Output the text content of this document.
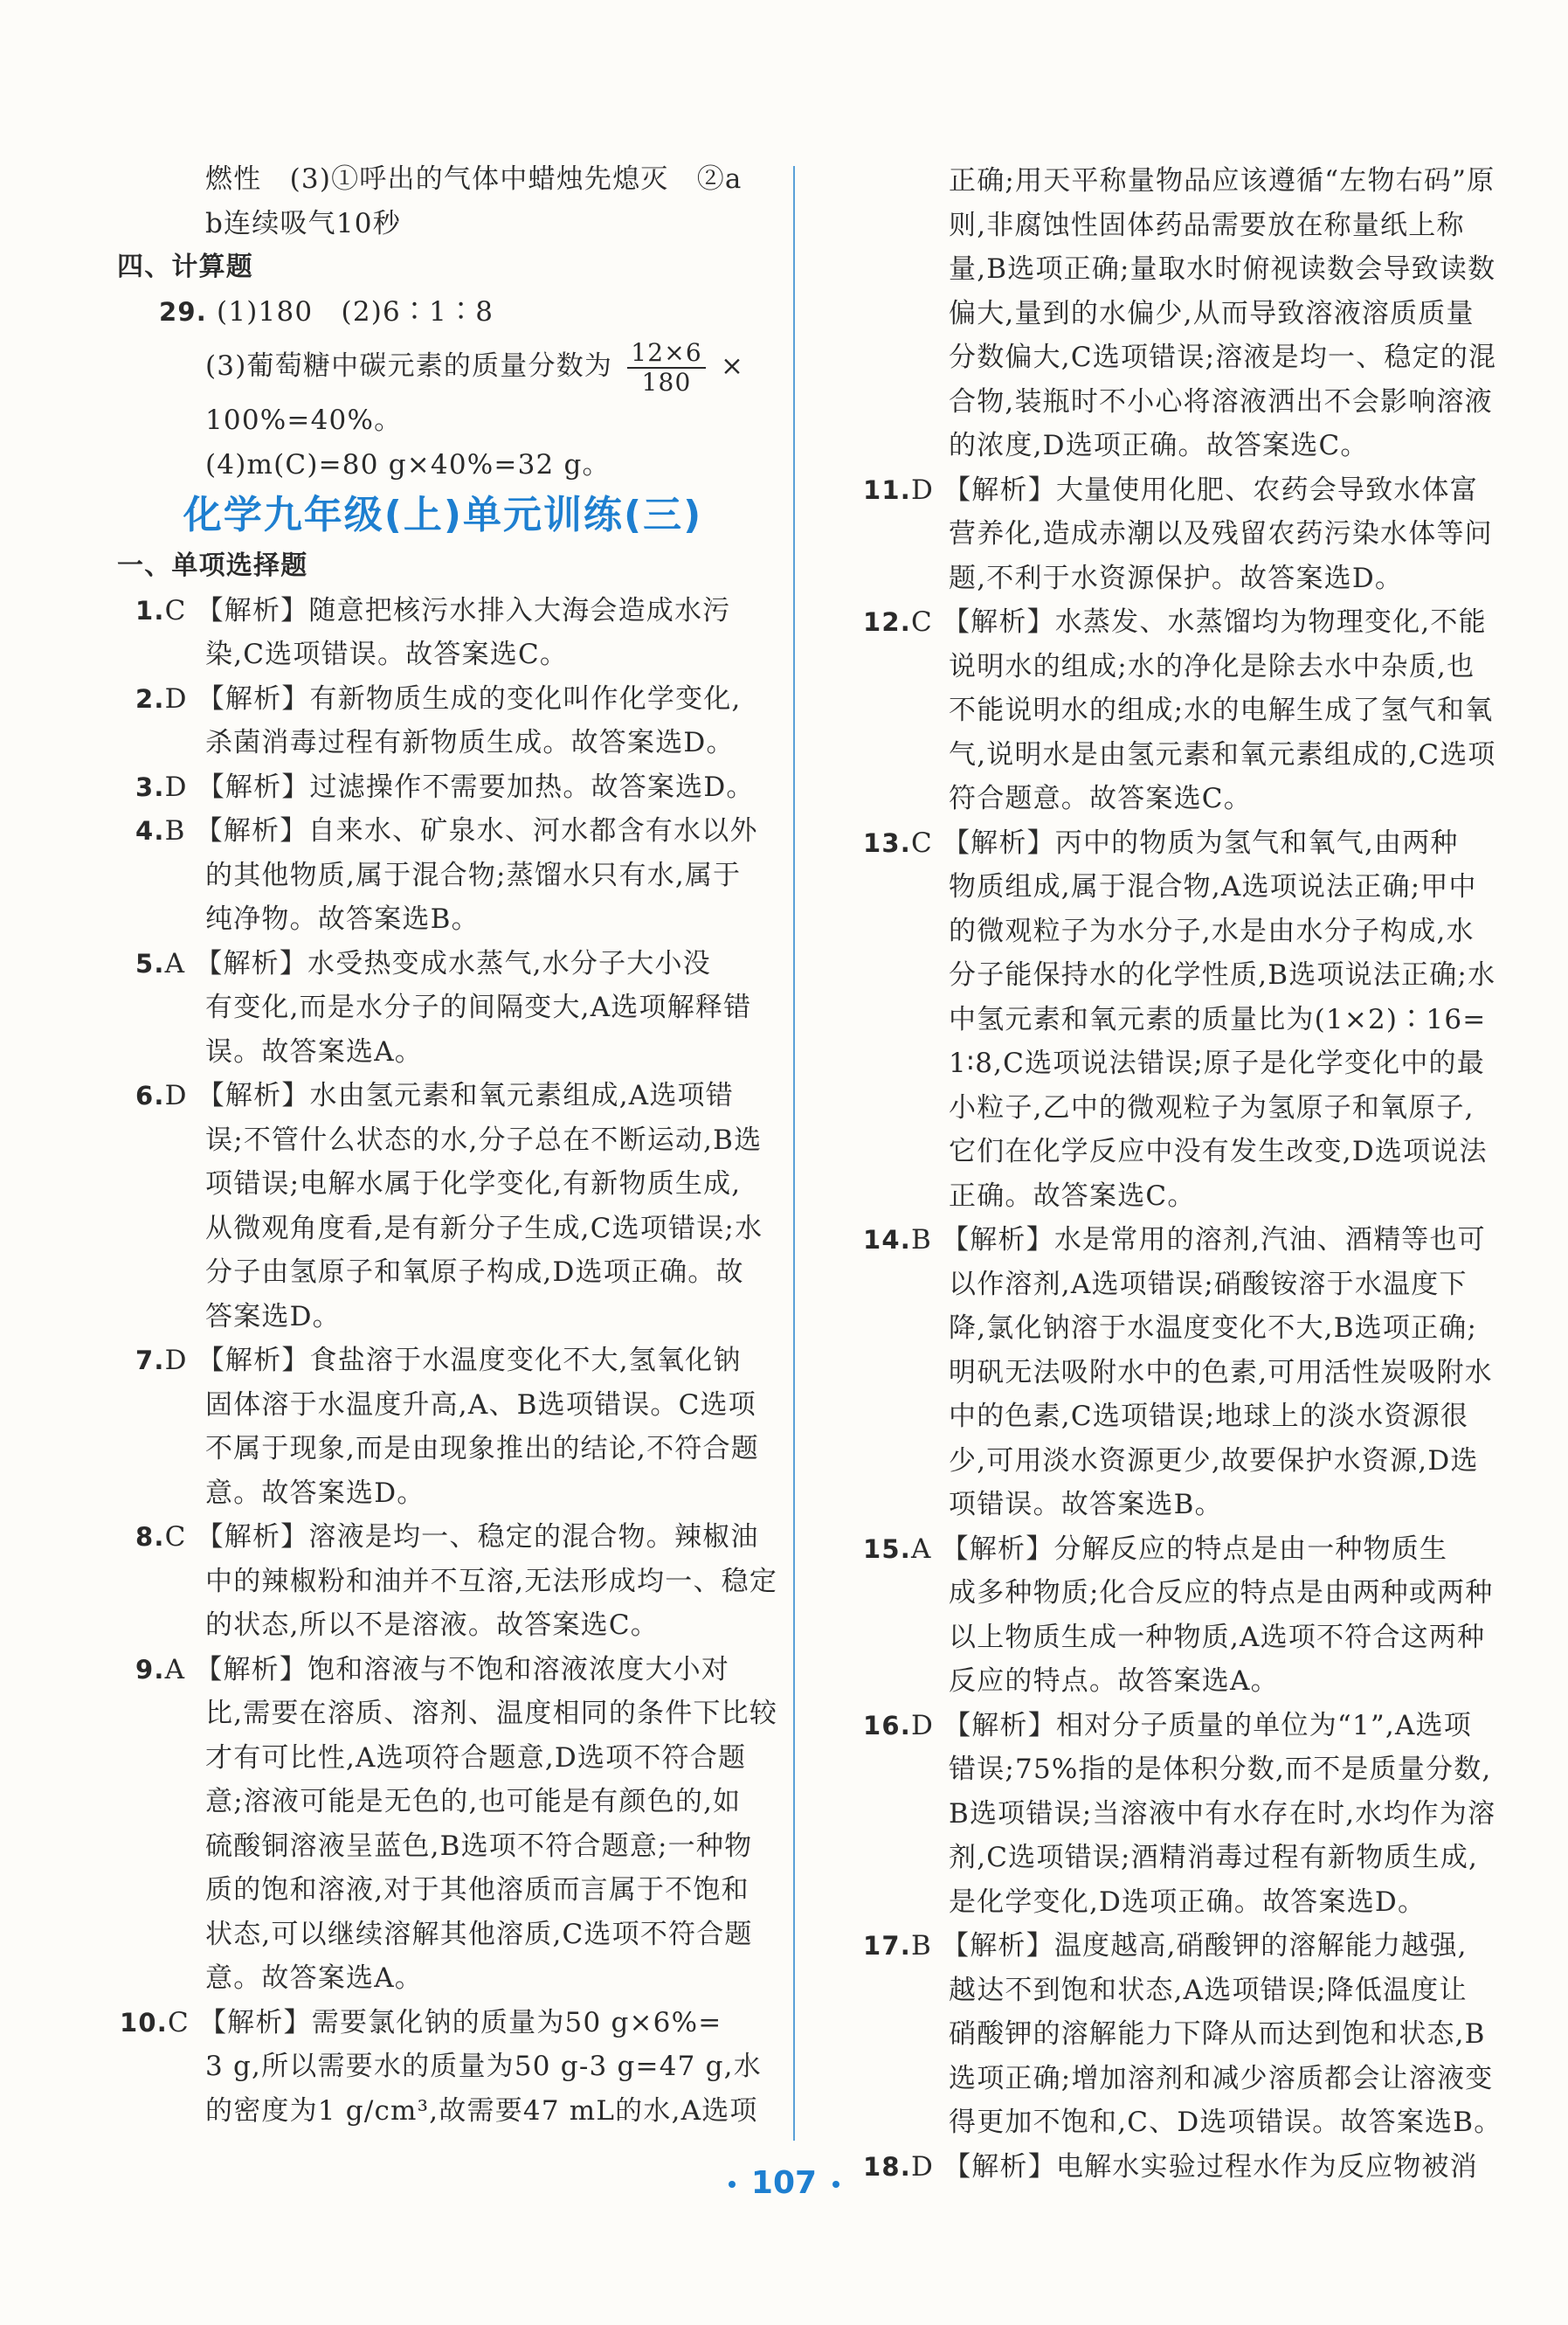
燃性　(3)①呼出的气体中蜡烛先熄灭　②a
b连续吸气10秒
四、计算题
29. (1)180　(2)6∶1∶8
(3)葡萄糖中碳元素的质量分数为 $\frac{12\times 6}{180}$ ×
100%=40%。
(4)m(C)=80 g×40%=32 g。
化学九年级(上)单元训练(三)
一、单项选择题
1.C 【解析】随意把核污水排入大海会造成水污
染,C选项错误。故答案选C。
2.D 【解析】有新物质生成的变化叫作化学变化,
杀菌消毒过程有新物质生成。故答案选D。
3.D 【解析】过滤操作不需要加热。故答案选D。
4.B 【解析】自来水、矿泉水、河水都含有水以外
的其他物质,属于混合物;蒸馏水只有水,属于
纯净物。故答案选B。
5.A 【解析】水受热变成水蒸气,水分子大小没
有变化,而是水分子的间隔变大,A选项解释错
误。故答案选A。
6.D 【解析】水由氢元素和氧元素组成,A选项错
误;不管什么状态的水,分子总在不断运动,B选
项错误;电解水属于化学变化,有新物质生成,
从微观角度看,是有新分子生成,C选项错误;水
分子由氢原子和氧原子构成,D选项正确。故
答案选D。
7.D 【解析】食盐溶于水温度变化不大,氢氧化钠
固体溶于水温度升高,A、B选项错误。C选项
不属于现象,而是由现象推出的结论,不符合题
意。故答案选D。
8.C 【解析】溶液是均一、稳定的混合物。辣椒油
中的辣椒粉和油并不互溶,无法形成均一、稳定
的状态,所以不是溶液。故答案选C。
9.A 【解析】饱和溶液与不饱和溶液浓度大小对
比,需要在溶质、溶剂、温度相同的条件下比较
才有可比性,A选项符合题意,D选项不符合题
意;溶液可能是无色的,也可能是有颜色的,如
硫酸铜溶液呈蓝色,B选项不符合题意;一种物
质的饱和溶液,对于其他溶质而言属于不饱和
状态,可以继续溶解其他溶质,C选项不符合题
意。故答案选A。
10.C 【解析】需要氯化钠的质量为50 g×6%=
3 g,所以需要水的质量为50 g-3 g=47 g,水
的密度为1 g/cm³,故需要47 mL的水,A选项
正确;用天平称量物品应该遵循“左物右码”原
则,非腐蚀性固体药品需要放在称量纸上称
量,B选项正确;量取水时俯视读数会导致读数
偏大,量到的水偏少,从而导致溶液溶质质量
分数偏大,C选项错误;溶液是均一、稳定的混
合物,装瓶时不小心将溶液洒出不会影响溶液
的浓度,D选项正确。故答案选C。
11.D 【解析】大量使用化肥、农药会导致水体富
营养化,造成赤潮以及残留农药污染水体等问
题,不利于水资源保护。故答案选D。
12.C 【解析】水蒸发、水蒸馏均为物理变化,不能
说明水的组成;水的净化是除去水中杂质,也
不能说明水的组成;水的电解生成了氢气和氧
气,说明水是由氢元素和氧元素组成的,C选项
符合题意。故答案选C。
13.C 【解析】丙中的物质为氢气和氧气,由两种
物质组成,属于混合物,A选项说法正确;甲中
的微观粒子为水分子,水是由水分子构成,水
分子能保持水的化学性质,B选项说法正确;水
中氢元素和氧元素的质量比为(1×2)∶16=
1∶8,C选项说法错误;原子是化学变化中的最
小粒子,乙中的微观粒子为氢原子和氧原子,
它们在化学反应中没有发生改变,D选项说法
正确。故答案选C。
14.B 【解析】水是常用的溶剂,汽油、酒精等也可
以作溶剂,A选项错误;硝酸铵溶于水温度下
降,氯化钠溶于水温度变化不大,B选项正确;
明矾无法吸附水中的色素,可用活性炭吸附水
中的色素,C选项错误;地球上的淡水资源很
少,可用淡水资源更少,故要保护水资源,D选
项错误。故答案选B。
15.A 【解析】分解反应的特点是由一种物质生
成多种物质;化合反应的特点是由两种或两种
以上物质生成一种物质,A选项不符合这两种
反应的特点。故答案选A。
16.D 【解析】相对分子质量的单位为“1”,A选项
错误;75%指的是体积分数,而不是质量分数,
B选项错误;当溶液中有水存在时,水均作为溶
剂,C选项错误;酒精消毒过程有新物质生成,
是化学变化,D选项正确。故答案选D。
17.B 【解析】温度越高,硝酸钾的溶解能力越强,
越达不到饱和状态,A选项错误;降低温度让
硝酸钾的溶解能力下降从而达到饱和状态,B
选项正确;增加溶剂和减少溶质都会让溶液变
得更加不饱和,C、D选项错误。故答案选B。
18.D 【解析】电解水实验过程水作为反应物被消
107
